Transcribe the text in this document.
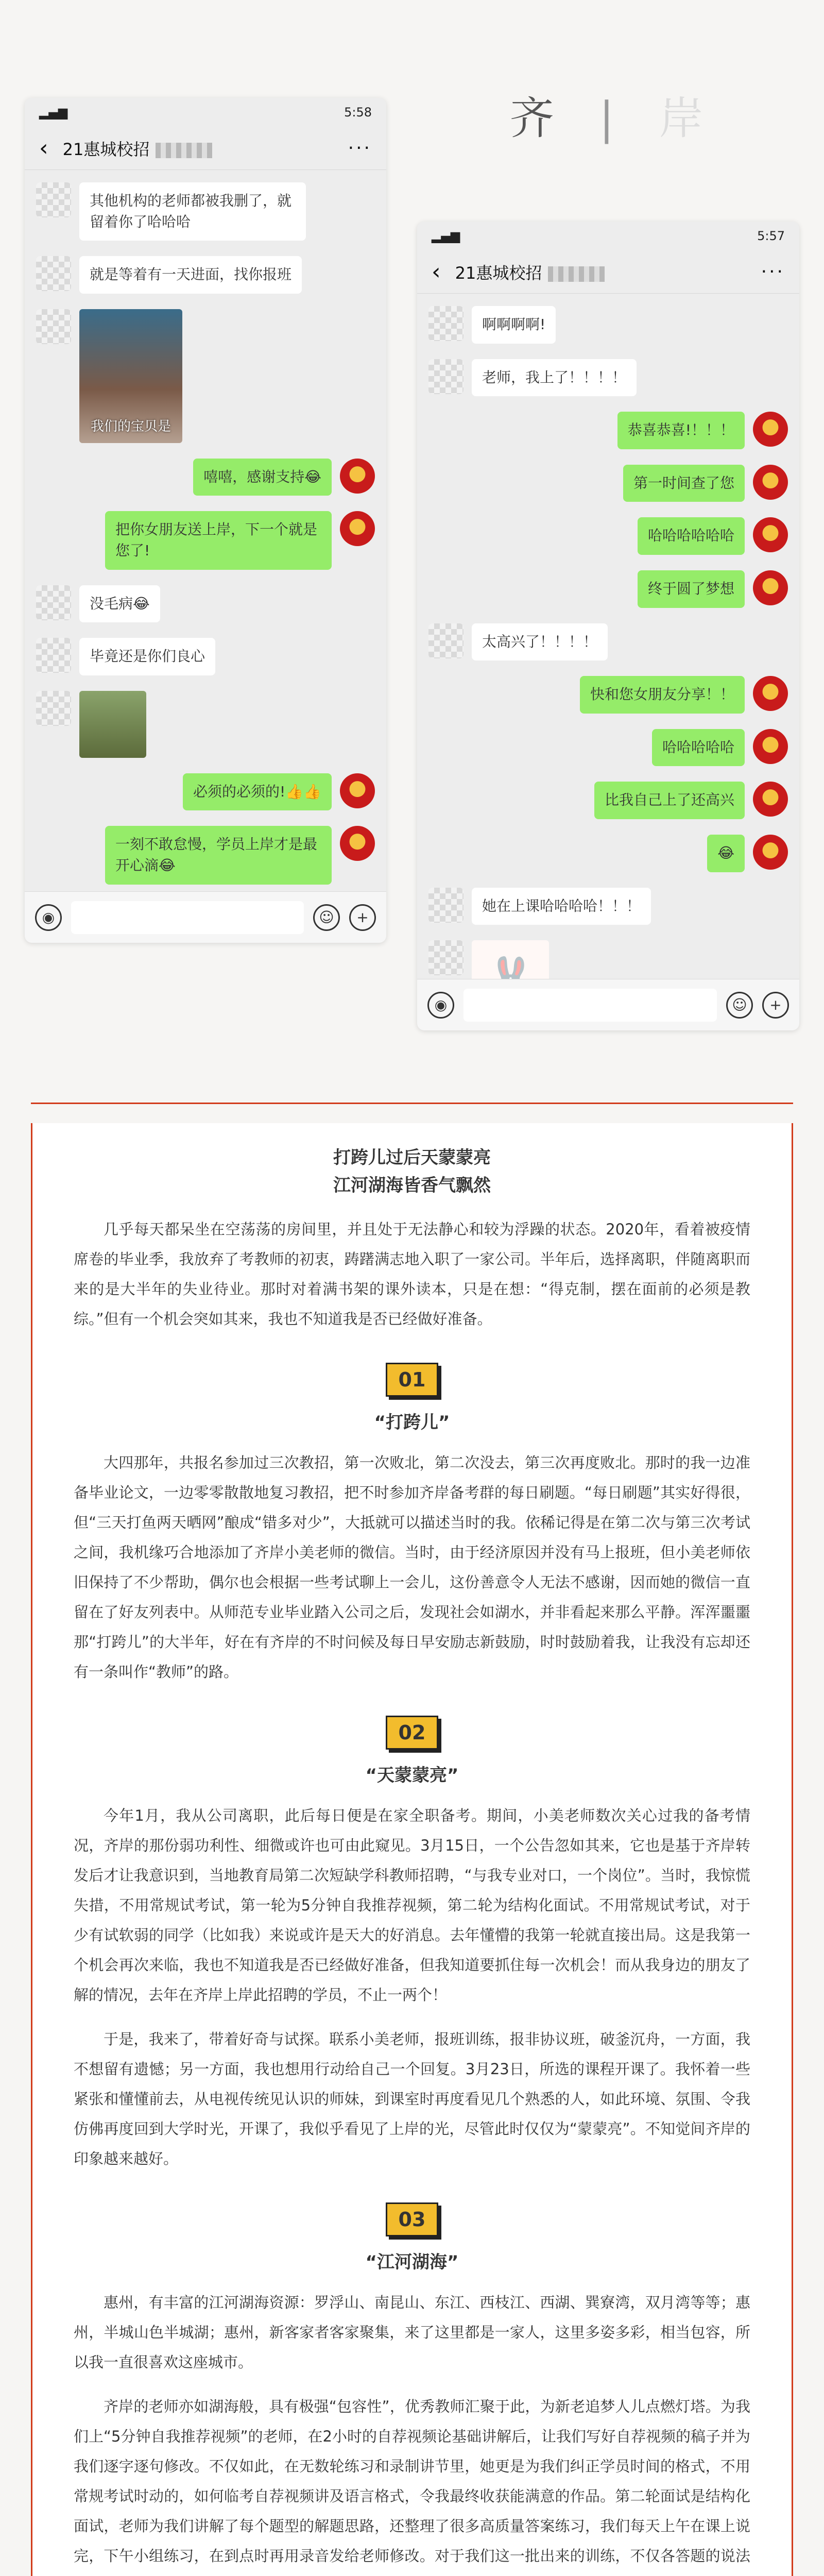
▂▄▆	5:58
‹ 21惠城校招	···
其他机构的老师都被我删了，就留着你了哈哈哈
就是等着有一天进面，找你报班
我们的宝贝是
嘻嘻，感谢支持😂
把你女朋友送上岸，下一个就是您了!
没毛病😂
毕竟还是你们良心
必须的必须的!👍👍
一刻不敢怠慢，学员上岸才是最开心滴😂
◉	☺	+
齐 | 岸
▂▄▆	5:57
‹ 21惠城校招	···
啊啊啊啊!
老师，我上了！！！！
恭喜恭喜!！！！
第一时间查了您
哈哈哈哈哈哈
终于圆了梦想
太高兴了！！！！
快和您女朋友分享！！
哈哈哈哈哈
比我自己上了还高兴
😂
她在上课哈哈哈哈！！！
◉	☺	+
打跨儿过后天蒙蒙亮
江河湖海皆香气飘然

几乎每天都呆坐在空荡荡的房间里，并且处于无法静心和较为浮躁的状态。2020年，看着被疫情席卷的毕业季，我放弃了考教师的初衷，踌躇满志地入职了一家公司。半年后，选择离职，伴随离职而来的是大半年的失业待业。那时对着满书架的课外读本，只是在想：“得克制，摆在面前的必须是教综。”但有一个机会突如其来，我也不知道我是否已经做好准备。

01
“打跨儿”

大四那年，共报名参加过三次教招，第一次败北，第二次没去，第三次再度败北。那时的我一边准备毕业论文，一边零零散散地复习教招，把不时参加齐岸备考群的每日刷题。“每日刷题”其实好得很，但“三天打鱼两天晒网”酿成“错多对少”，大抵就可以描述当时的我。依稀记得是在第二次与第三次考试之间，我机缘巧合地添加了齐岸小美老师的微信。当时，由于经济原因并没有马上报班，但小美老师依旧保持了不少帮助，偶尔也会根据一些考试聊上一会儿，这份善意令人无法不感谢，因而她的微信一直留在了好友列表中。从师范专业毕业踏入公司之后，发现社会如湖水，并非看起来那么平静。浑浑噩噩那“打跨儿”的大半年，好在有齐岸的不时问候及每日早安励志新鼓励，时时鼓励着我，让我没有忘却还有一条叫作“教师”的路。

02
“天蒙蒙亮”

今年1月，我从公司离职，此后每日便是在家全职备考。期间，小美老师数次关心过我的备考情况，齐岸的那份弱功利性、细微或许也可由此窥见。3月15日，一个公告忽如其来，它也是基于齐岸转发后才让我意识到，当地教育局第二次短缺学科教师招聘，“与我专业对口，一个岗位”。当时，我惊慌失措，不用常规试考试，第一轮为5分钟自我推荐视频，第二轮为结构化面试。不用常规试考试，对于少有试软弱的同学（比如我）来说或许是天大的好消息。去年懂懵的我第一轮就直接出局。这是我第一个机会再次来临，我也不知道我是否已经做好准备，但我知道要抓住每一次机会！而从我身边的朋友了解的情况，去年在齐岸上岸此招聘的学员，不止一两个！

于是，我来了，带着好奇与试探。联系小美老师，报班训练，报非协议班，破釜沉舟，一方面，我不想留有遗憾；另一方面，我也想用行动给自己一个回复。3月23日，所选的课程开课了。我怀着一些紧张和懂懂前去，从电视传统见认识的师妹，到课室时再度看见几个熟悉的人，如此环境、氛围、令我仿佛再度回到大学时光，开课了，我似乎看见了上岸的光，尽管此时仅仅为“蒙蒙亮”。不知觉间齐岸的印象越来越好。

03
“江河湖海”

惠州，有丰富的江河湖海资源：罗浮山、南昆山、东江、西枝江、西湖、巽寮湾，双月湾等等；惠州，半城山色半城湖；惠州，新客家者客家聚集，来了这里都是一家人，这里多姿多彩，相当包容，所以我一直很喜欢这座城市。

齐岸的老师亦如湖海般，具有极强“包容性”，优秀教师汇聚于此，为新老追梦人儿点燃灯塔。为我们上“5分钟自我推荐视频”的老师，在2小时的自荐视频论基础讲解后，让我们写好自荐视频的稿子并为我们逐字逐句修改。不仅如此，在无数轮练习和录制讲节里，她更是为我们纠正学员时间的格式，不用常规考试时动的，如何临考自荐视频讲及语言格式，令我最终收获能满意的作品。第二轮面试是结构化面试，老师为我们讲解了每个题型的解题思路，还整理了很多高质量答案练习，我们每天上午在课上说完，下午小组练习，在到点时再用录音发给老师修改。对于我们这一批出来的训练，不仅各答题的说法
